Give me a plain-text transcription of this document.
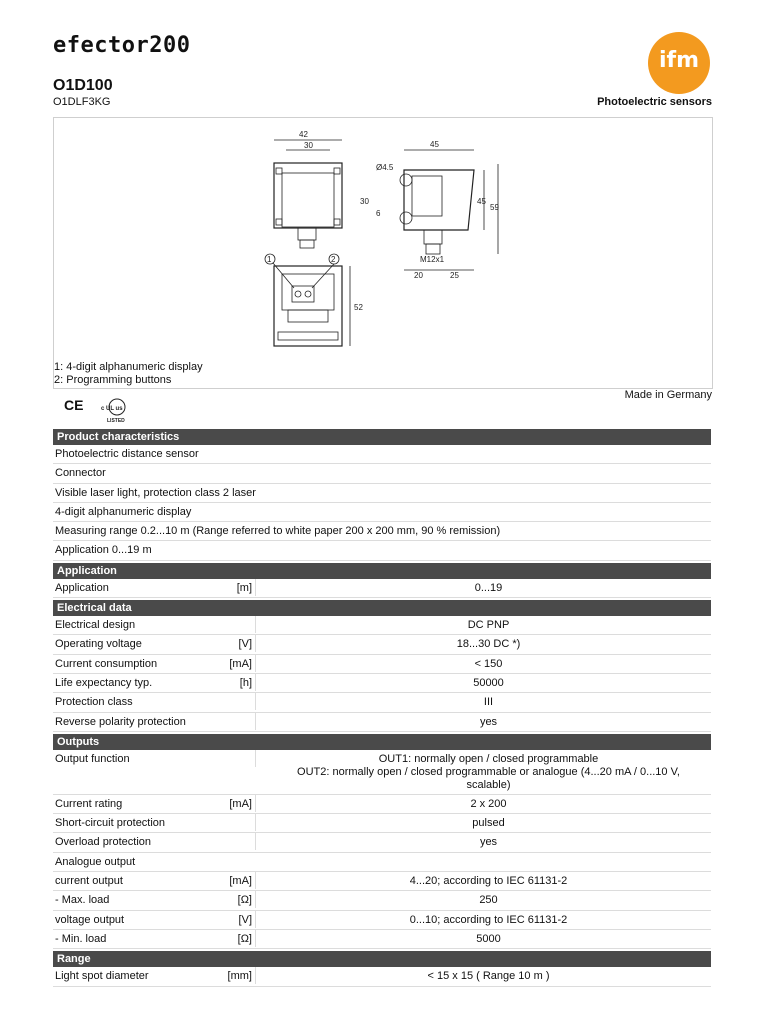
efector200
ifm
O1D100
O1DLF3KG	Photoelectric sensors
42
30
52
1	2
45
Ø4.5
30
6
45
59
M12x1
20	25
1: 4-digit alphanumeric display
2: Programming buttons
CE	c UL us
LISTED
Made in Germany
Product characteristics
Photoelectric distance sensor
Connector
Visible laser light, protection class 2 laser
4-digit alphanumeric display
Measuring range 0.2...10 m (Range referred to white paper 200 x 200 mm, 90 % remission)
Application 0...19 m
Application
Application	[m]	0...19
Electrical data
Electrical design	DC PNP
Operating voltage	[V]	18...30 DC *)
Current consumption	[mA]	< 150
Life expectancy typ.	[h]	50000
Protection class	III
Reverse polarity protection	yes
Outputs
Output function	OUT1: normally open / closed programmable
OUT2: normally open / closed programmable or analogue (4...20 mA / 0...10 V,
scalable)
Current rating	[mA]	2 x 200
Short-circuit protection	pulsed
Overload protection	yes
Analogue output
current output	[mA]	4...20; according to IEC 61131-2
- Max. load	[Ω]	250
voltage output	[V]	0...10; according to IEC 61131-2
- Min. load	[Ω]	5000
Range
Light spot diameter	[mm]	< 15 x 15 ( Range 10 m )
